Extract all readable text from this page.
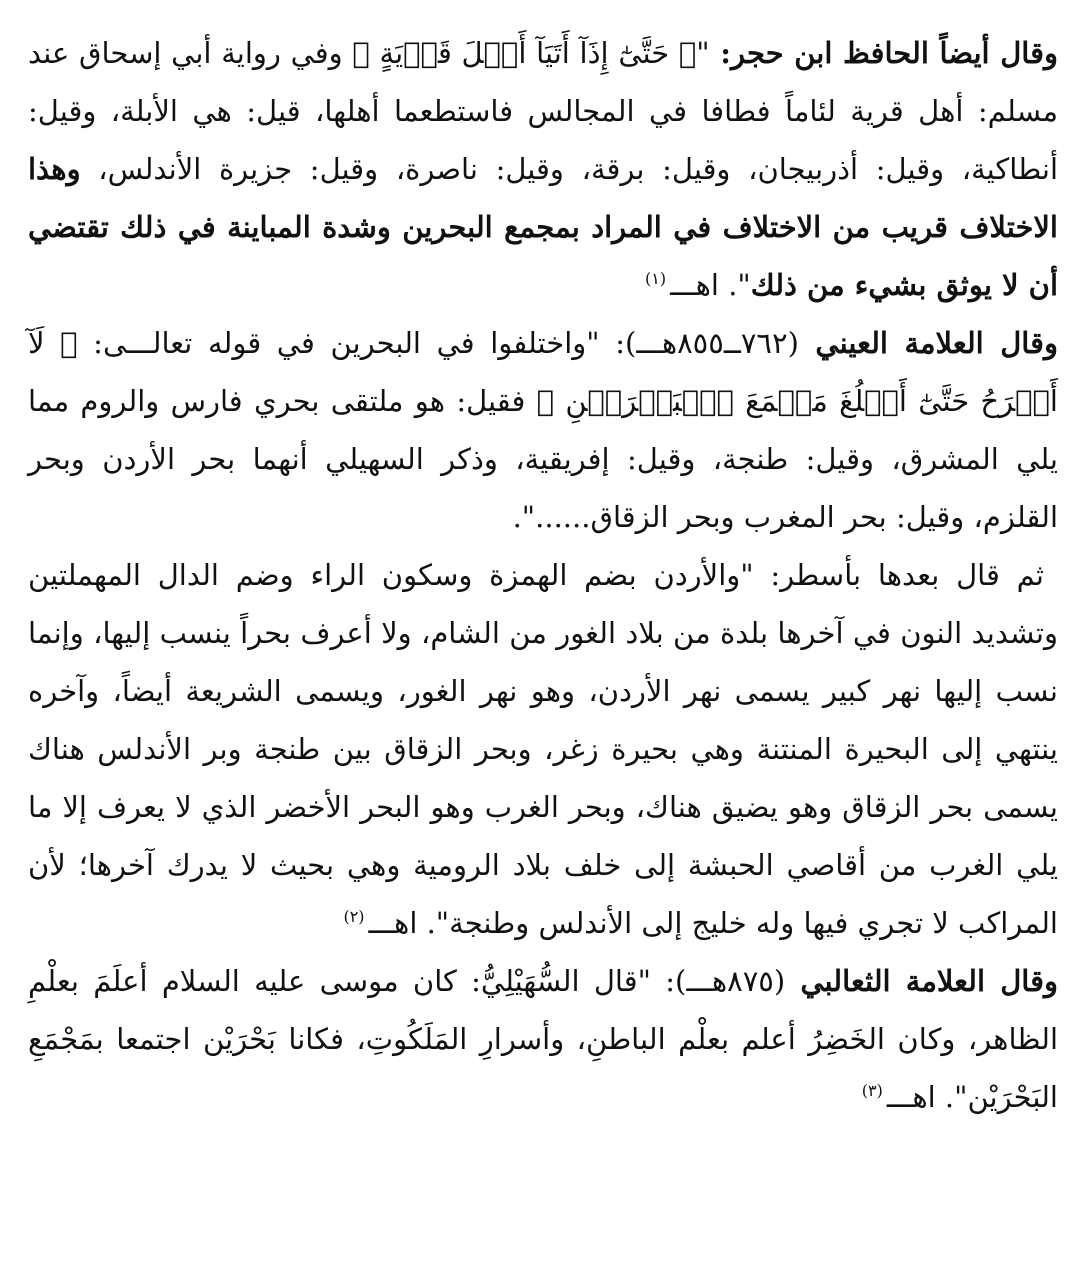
وقال أيضاً الحافظ ابن حجر: "﴿ حَتَّىٰٓ إِذَآ أَتَيَآ أَهۡلَ قَرۡيَةٍ ﴾ وفي رواية أبي إسحاق عند مسلم: أهل قرية لئاماً فطافا في المجالس فاستطعما أهلها، قيل: هي الأبلة، وقيل: أنطاكية، وقيل: أذربيجان، وقيل: برقة، وقيل: ناصرة، وقيل: جزيرة الأندلس، وهذا الاختلاف قريب من الاختلاف في المراد بمجمع البحرين وشدة المباينة في ذلك تقتضي أن لا يوثق بشيء من ذلك". اهـــ$^{(١)}$

وقال العلامة العيني (٧٦٢ــ٨٥٥هـــ): "واختلفوا في البحرين في قوله تعالـــى: ﴿ لَآ أَبۡرَحُ حَتَّىٰٓ أَبۡلُغَ مَجۡمَعَ ٱلۡبَحۡرَيۡنِ ﴾ فقيل: هو ملتقى بحري فارس والروم مما يلي المشرق، وقيل: طنجة، وقيل: إفريقية، وذكر السهيلي أنهما بحر الأردن وبحر القلزم، وقيل: بحر المغرب وبحر الزقاق......".

ثم قال بعدها بأسطر: "والأردن بضم الهمزة وسكون الراء وضم الدال المهملتين وتشديد النون في آخرها بلدة من بلاد الغور من الشام، ولا أعرف بحراً ينسب إليها، وإنما نسب إليها نهر كبير يسمى نهر الأردن، وهو نهر الغور، ويسمى الشريعة أيضاً، وآخره ينتهي إلى البحيرة المنتنة وهي بحيرة زغر، وبحر الزقاق بين طنجة وبر الأندلس هناك يسمى بحر الزقاق وهو يضيق هناك، وبحر الغرب وهو البحر الأخضر الذي لا يعرف إلا ما يلي الغرب من أقاصي الحبشة إلى خلف بلاد الرومية وهي بحيث لا يدرك آخرها؛ لأن المراكب لا تجري فيها وله خليج إلى الأندلس وطنجة". اهـــ$^{(٢)}$

وقال العلامة الثعالبي (٨٧٥هـــ): "قال السُّهَيْلِيُّ: كان موسى عليه السلام أعلَمَ بعلْمِ الظاهر، وكان الخَضِرُ أعلم بعلْم الباطنِ، وأسرارِ المَلَكُوتِ، فكانا بَحْرَيْن اجتمعا بمَجْمَعِ البَحْرَيْن". اهـــ$^{(٣)}$
